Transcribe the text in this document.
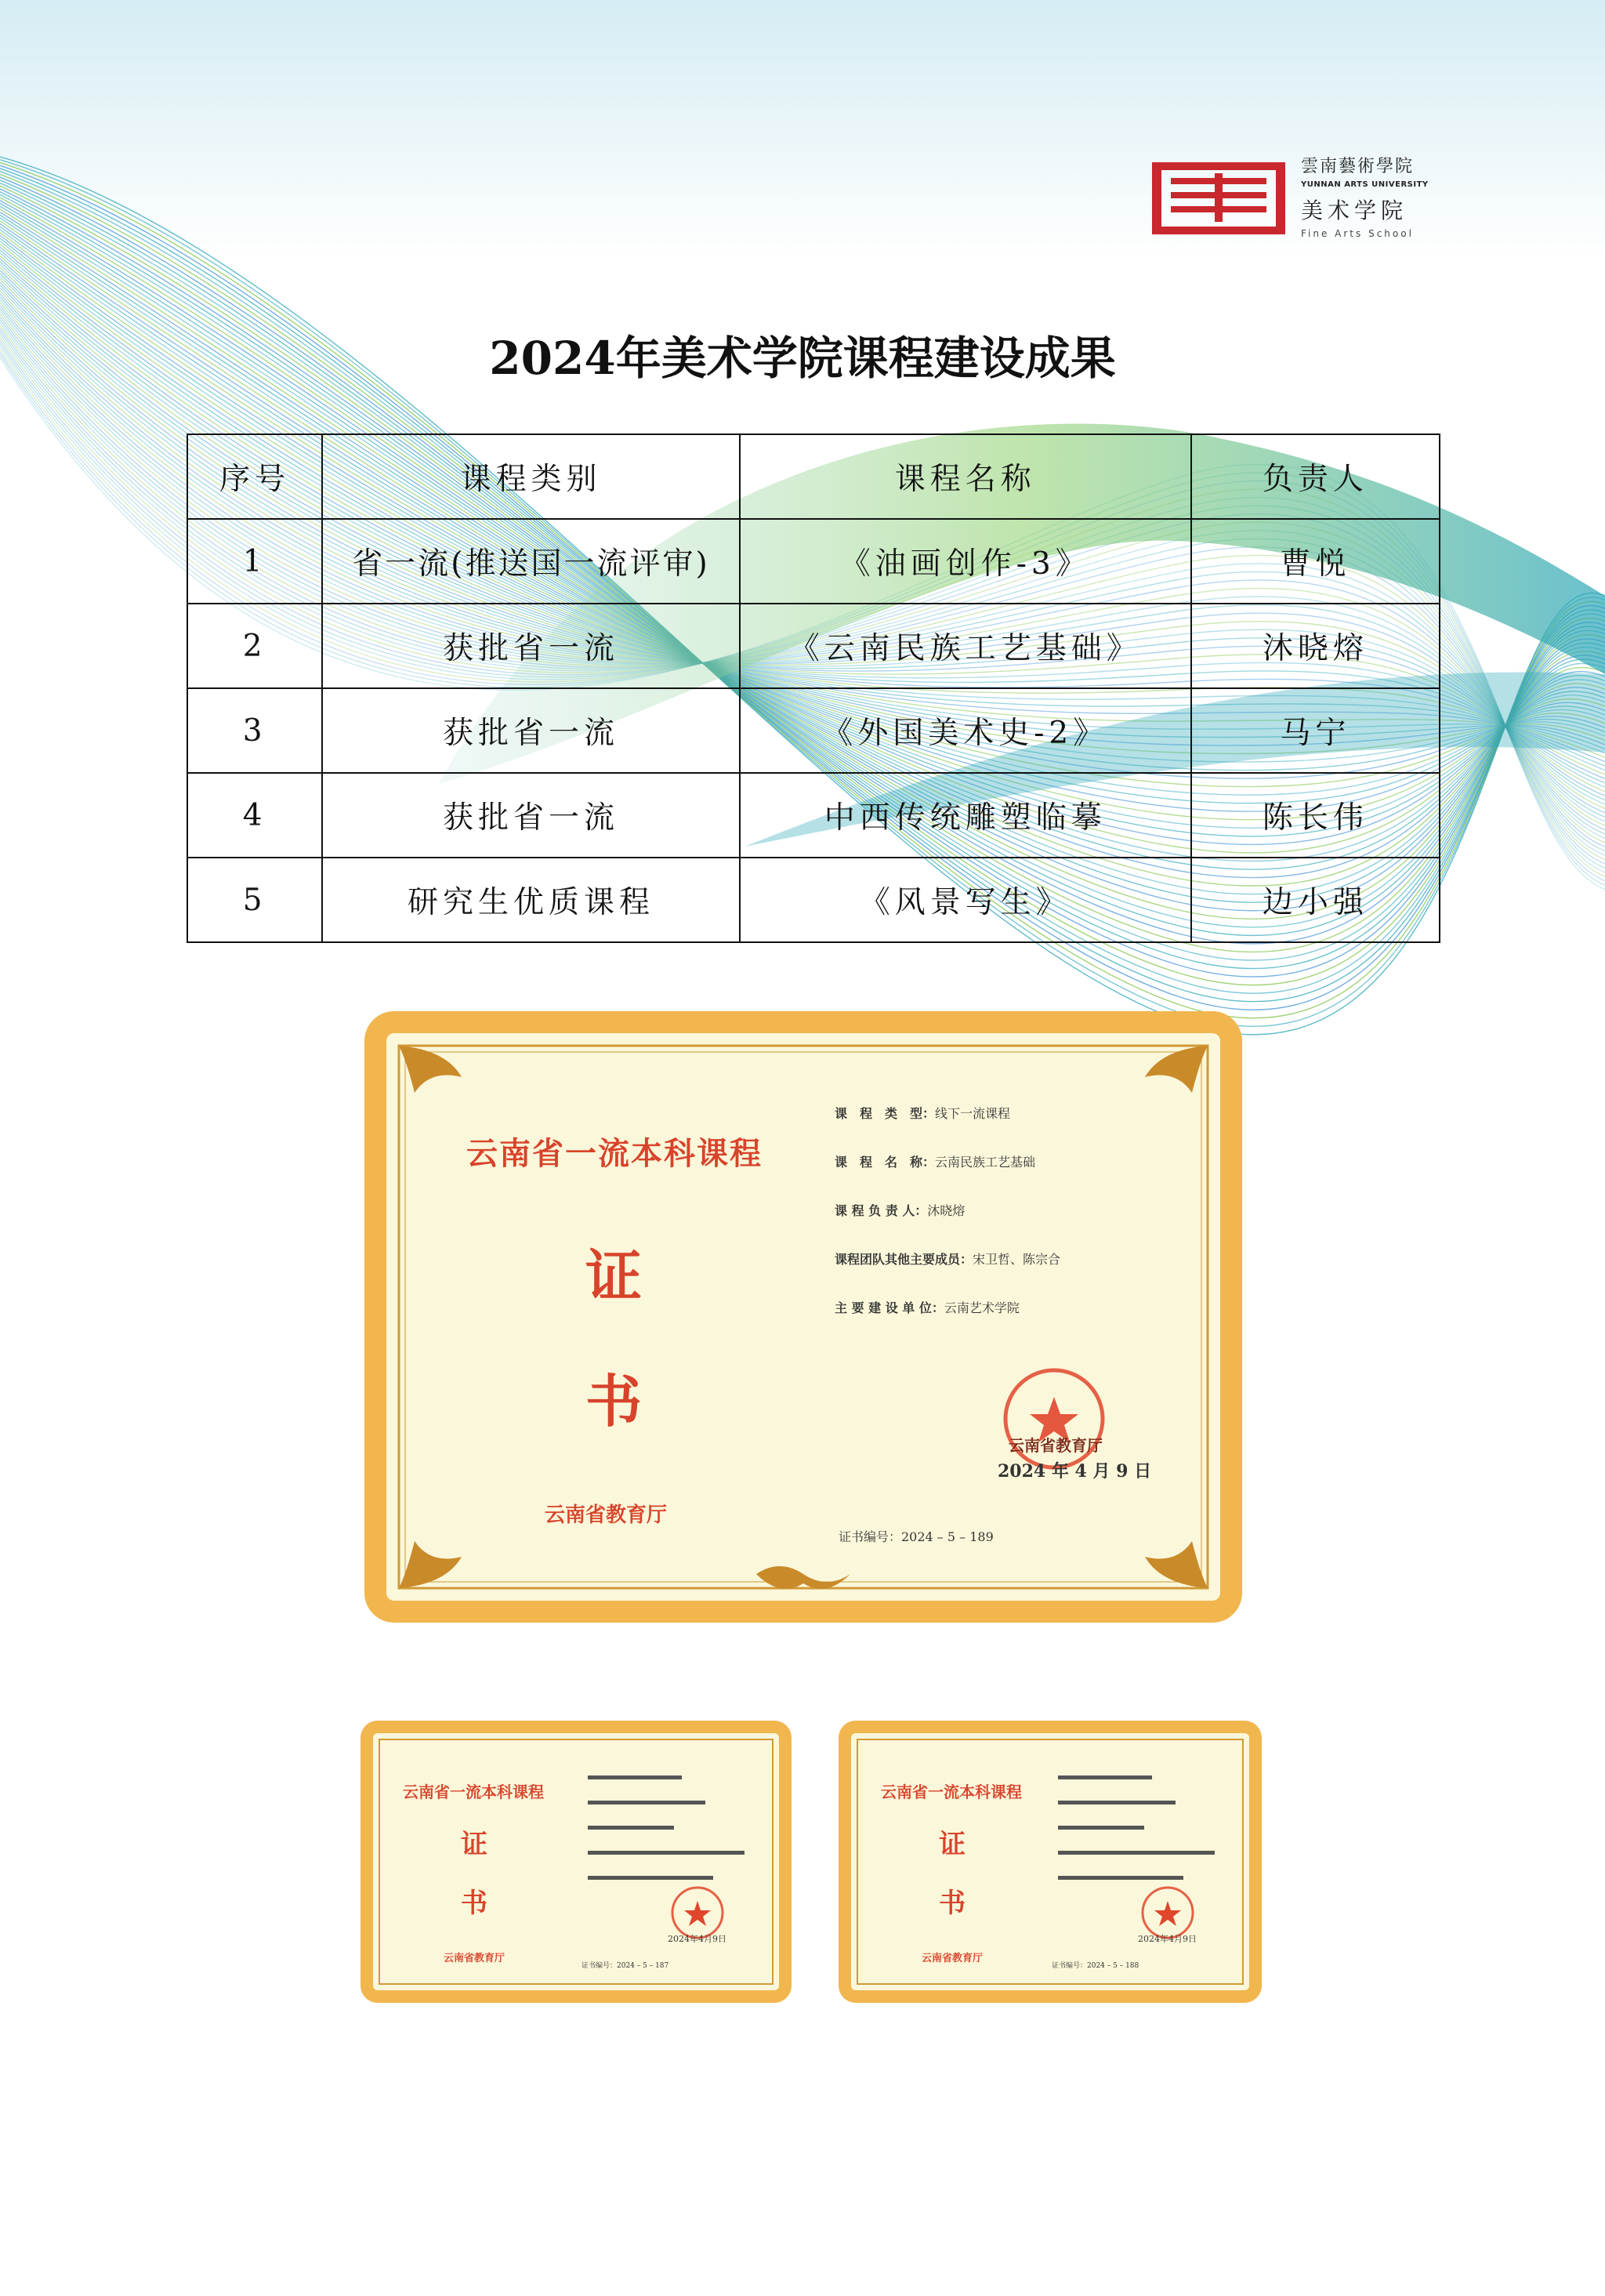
雲南藝術學院
YUNNAN ARTS UNIVERSITY
美术学院
Fine Arts School
2024年美术学院课程建设成果
序号	课程类别	课程名称	负责人
1	省一流(推送国一流评审)	《油画创作-3》	曹悦
2	获批省一流	《云南民族工艺基础》	沐晓熔
3	获批省一流	《外国美术史-2》	马宁
4	获批省一流	中西传统雕塑临摹	陈长伟
5	研究生优质课程	《风景写生》	边小强
云南省一流本科课程
证
书
云南省教育厅
课　程　类　型：线下一流课程
课　程　名　称：云南民族工艺基础
课 程 负 责 人：沐晓熔
课程团队其他主要成员：宋卫哲、陈宗合
主 要 建 设 单 位：云南艺术学院
云南省教育厅
2024 年 4 月 9 日
证书编号：2024 – 5 – 189
云南省一流本科课程
证
书
云南省教育厅
2024年4月9日
证书编号：2024 – 5 – 187
云南省一流本科课程
证
书
云南省教育厅
2024年4月9日
证书编号：2024 – 5 – 188
